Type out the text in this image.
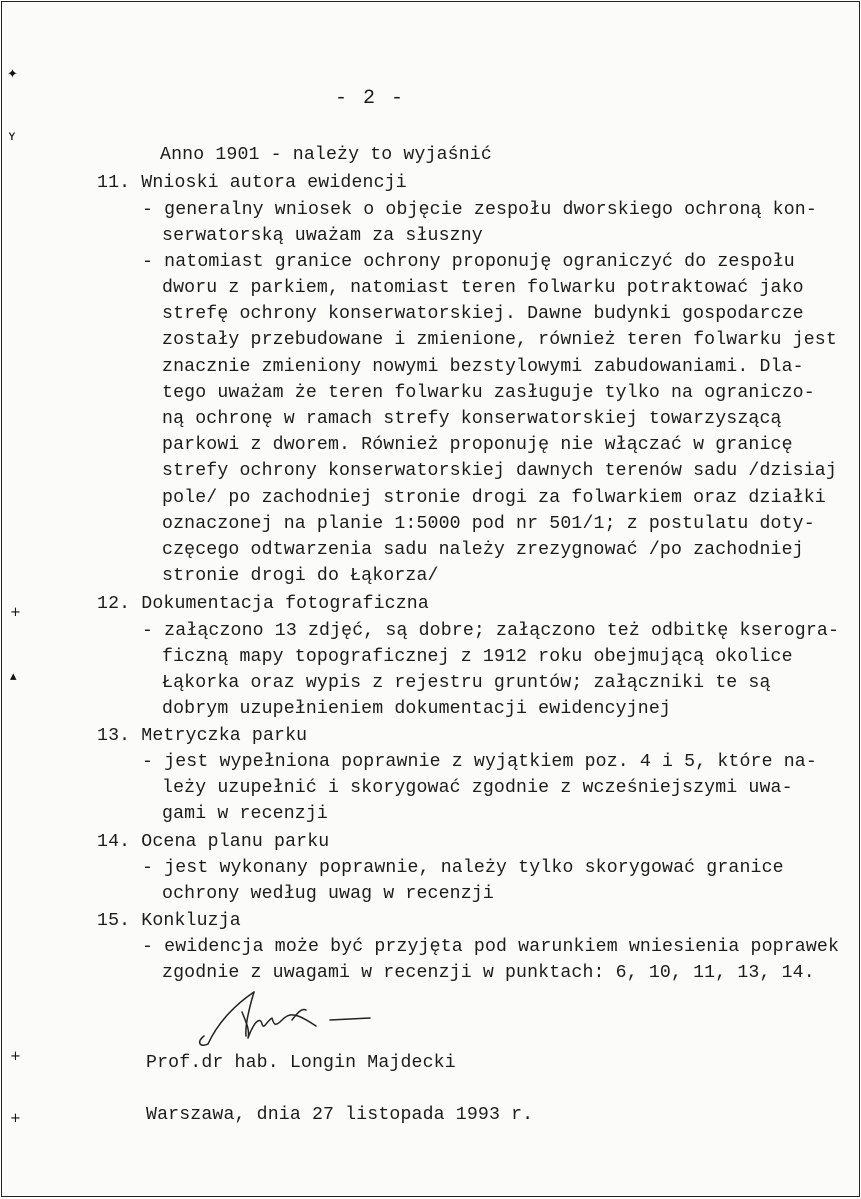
- 2 -
Anno 1901 - należy to wyjaśnić
11. Wnioski autora ewidencji
- generalny wniosek o objęcie zespołu dworskiego ochroną kon-
serwatorską uważam za słuszny
- natomiast granice ochrony proponuję ograniczyć do zespołu
dworu z parkiem, natomiast teren folwarku potraktować jako
strefę ochrony konserwatorskiej. Dawne budynki gospodarcze
zostały przebudowane i zmienione, również teren folwarku jest
znacznie zmieniony nowymi bezstylowymi zabudowaniami. Dla-
tego uważam że teren folwarku zasługuje tylko na ograniczo-
ną ochronę w ramach strefy konserwatorskiej towarzyszącą
parkowi z dworem. Również proponuję nie włączać w granicę
strefy ochrony konserwatorskiej dawnych terenów sadu /dzisiaj
pole/ po zachodniej stronie drogi za folwarkiem oraz działki
oznaczonej na planie 1:5000 pod nr 501/1; z postulatu doty-
częcego odtwarzenia sadu należy zrezygnować /po zachodniej
stronie drogi do Łąkorza/
12. Dokumentacja fotograficzna
- załączono 13 zdjęć, są dobre; załączono też odbitkę kserogra-
ficzną mapy topograficznej z 1912 roku obejmującą okolice
Łąkorka oraz wypis z rejestru gruntów; załączniki te są
dobrym uzupełnieniem dokumentacji ewidencyjnej
13. Metryczka parku
- jest wypełniona poprawnie z wyjątkiem poz. 4 i 5, które na-
leży uzupełnić i skorygować zgodnie z wcześniejszymi uwa-
gami w recenzji
14. Ocena planu parku
- jest wykonany poprawnie, należy tylko skorygować granice
ochrony według uwag w recenzji
15. Konkluzja
- ewidencja może być przyjęta pod warunkiem wniesienia poprawek
zgodnie z uwagami w recenzji w punktach: 6, 10, 11, 13, 14.
Prof.dr hab. Longin Majdecki
Warszawa, dnia 27 listopada 1993 r.
✦
ʏ
+
▴
+
+
